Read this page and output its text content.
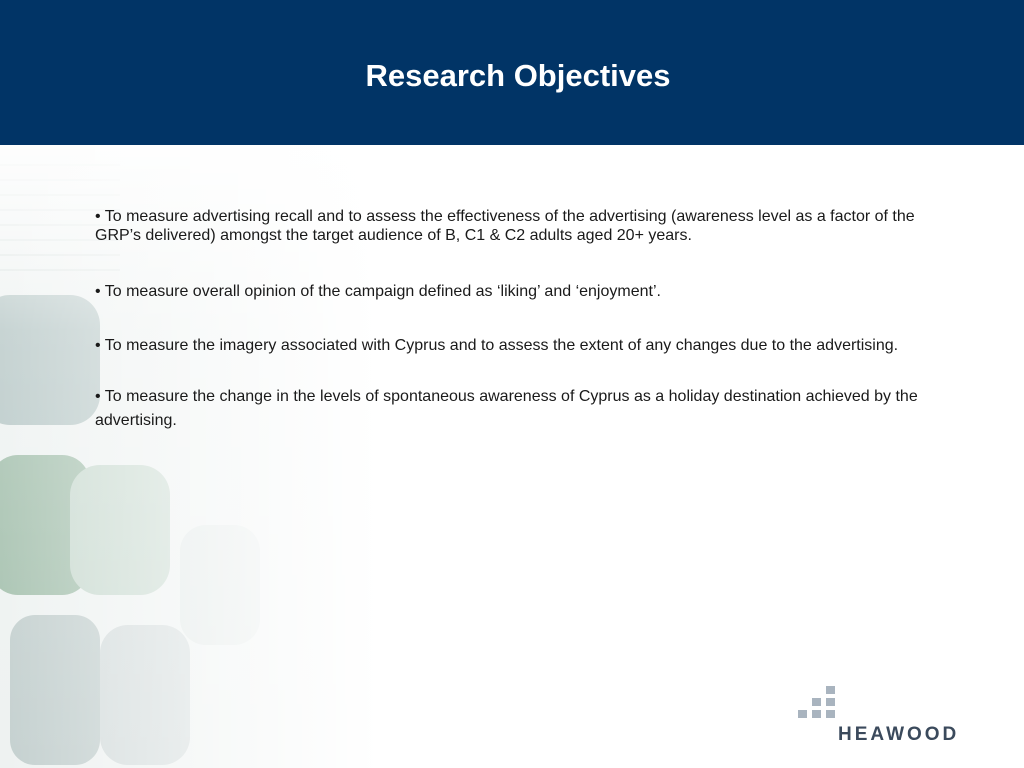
Research Objectives

• To measure advertising recall and to assess the effectiveness of the advertising (awareness level as a factor of the GRP’s delivered) amongst the target audience of B, C1 & C2 adults aged 20+ years.

• To measure overall opinion of the campaign defined as ‘liking’ and ‘enjoyment’.

• To measure the imagery associated with Cyprus and to assess the extent of any changes due to the advertising.

• To measure the change in the levels of spontaneous awareness of Cyprus as a holiday destination achieved by the advertising.

HEAWOOD
